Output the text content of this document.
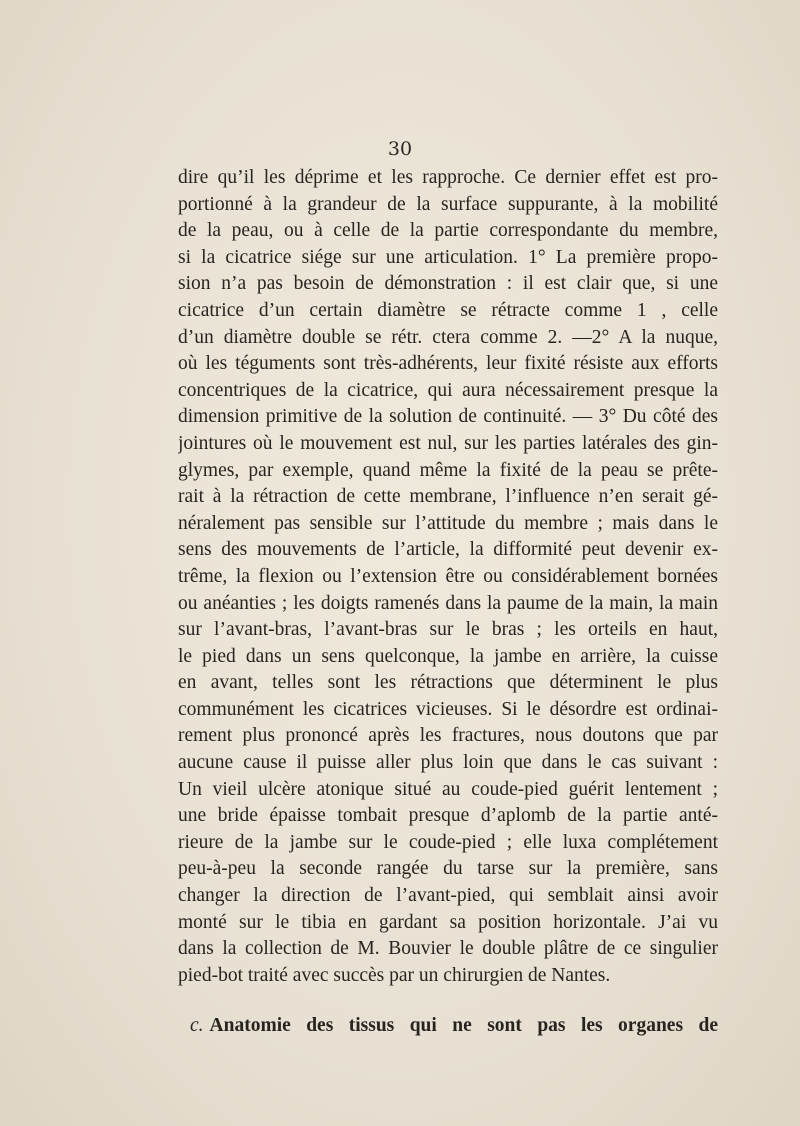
30
dire qu’il les déprime et les rapproche. Ce dernier effet est pro-
portionné à la grandeur de la surface suppurante, à la mobilité
de la peau, ou à celle de la partie correspondante du membre,
si la cicatrice siége sur une articulation. 1° La première propo-
sion n’a pas besoin de démonstration : il est clair que, si une
cicatrice d’un certain diamètre se rétracte comme 1 , celle
d’un diamètre double se rétr. ctera comme 2. —2° A la nuque,
où les téguments sont très-adhérents, leur fixité résiste aux efforts
concentriques de la cicatrice, qui aura nécessairement presque la
dimension primitive de la solution de continuité. — 3° Du côté des
jointures où le mouvement est nul, sur les parties latérales des gin-
glymes, par exemple, quand même la fixité de la peau se prête-
rait à la rétraction de cette membrane, l’influence n’en serait gé-
néralement pas sensible sur l’attitude du membre ; mais dans le
sens des mouvements de l’article, la difformité peut devenir ex-
trême, la flexion ou l’extension être ou considérablement bornées
ou anéanties ; les doigts ramenés dans la paume de la main, la main
sur l’avant-bras, l’avant-bras sur le bras ; les orteils en haut,
le pied dans un sens quelconque, la jambe en arrière, la cuisse
en avant, telles sont les rétractions que déterminent le plus
communément les cicatrices vicieuses. Si le désordre est ordinai-
rement plus prononcé après les fractures, nous doutons que par
aucune cause il puisse aller plus loin que dans le cas suivant :
Un vieil ulcère atonique situé au coude-pied guérit lentement ;
une bride épaisse tombait presque d’aplomb de la partie anté-
rieure de la jambe sur le coude-pied ; elle luxa complétement
peu-à-peu la seconde rangée du tarse sur la première, sans
changer la direction de l’avant-pied, qui semblait ainsi avoir
monté sur le tibia en gardant sa position horizontale. J’ai vu
dans la collection de M. Bouvier le double plâtre de ce singulier
pied-bot traité avec succès par un chirurgien de Nantes.
c. Anatomie des tissus qui ne sont pas les organes de
